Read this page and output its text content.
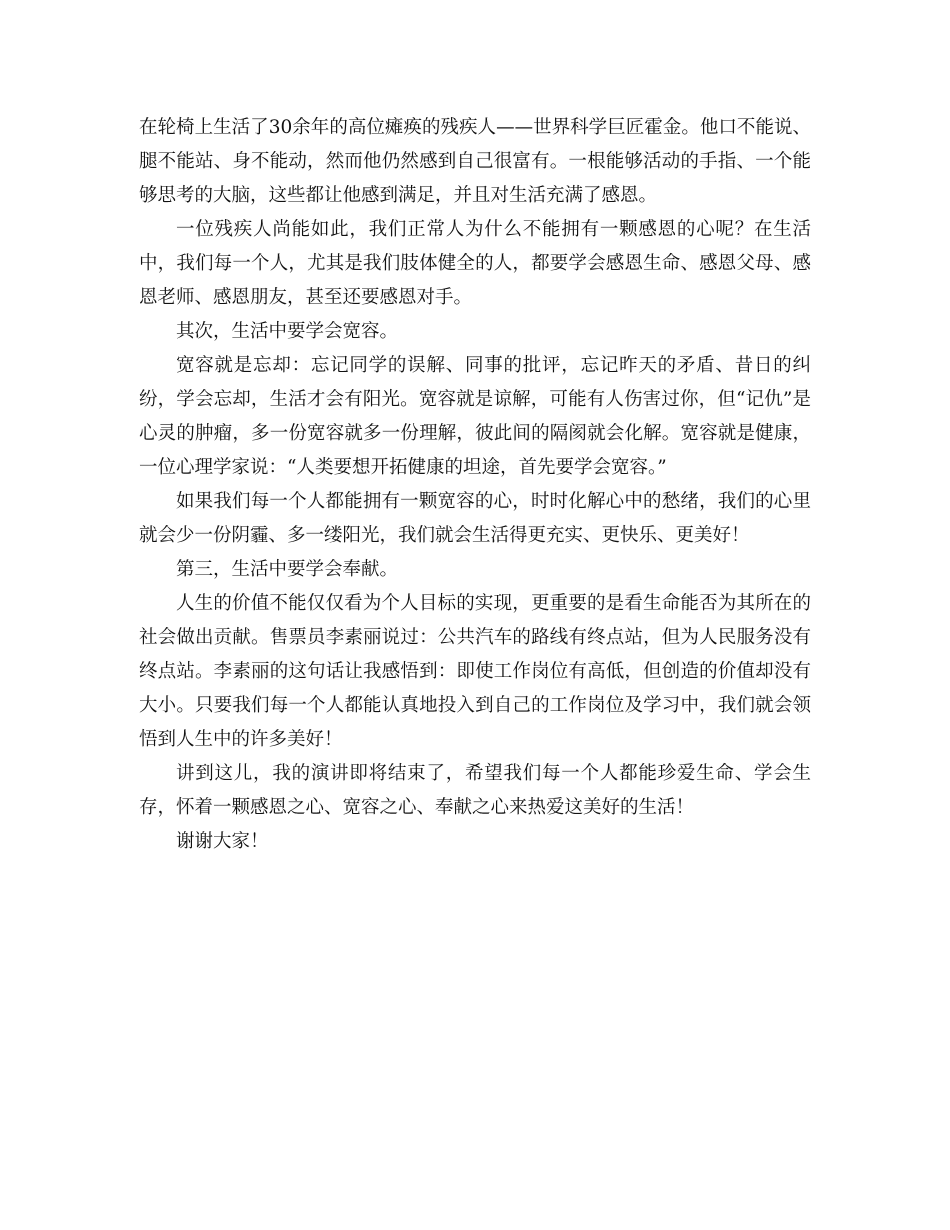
在轮椅上生活了30余年的高位瘫痪的残疾人——世界科学巨匠霍金。他口不能说、腿不能站、身不能动，然而他仍然感到自己很富有。一根能够活动的手指、一个能够思考的大脑，这些都让他感到满足，并且对生活充满了感恩。

一位残疾人尚能如此，我们正常人为什么不能拥有一颗感恩的心呢？在生活中，我们每一个人，尤其是我们肢体健全的人，都要学会感恩生命、感恩父母、感恩老师、感恩朋友，甚至还要感恩对手。

其次，生活中要学会宽容。

宽容就是忘却：忘记同学的误解、同事的批评，忘记昨天的矛盾、昔日的纠纷，学会忘却，生活才会有阳光。宽容就是谅解，可能有人伤害过你，但“记仇”是心灵的肿瘤，多一份宽容就多一份理解，彼此间的隔阂就会化解。宽容就是健康，一位心理学家说：“人类要想开拓健康的坦途，首先要学会宽容。”

如果我们每一个人都能拥有一颗宽容的心，时时化解心中的愁绪，我们的心里就会少一份阴霾、多一缕阳光，我们就会生活得更充实、更快乐、更美好！

第三，生活中要学会奉献。

人生的价值不能仅仅看为个人目标的实现，更重要的是看生命能否为其所在的社会做出贡献。售票员李素丽说过：公共汽车的路线有终点站，但为人民服务没有终点站。李素丽的这句话让我感悟到：即使工作岗位有高低，但创造的价值却没有大小。只要我们每一个人都能认真地投入到自己的工作岗位及学习中，我们就会领悟到人生中的许多美好！

讲到这儿，我的演讲即将结束了，希望我们每一个人都能珍爱生命、学会生存，怀着一颗感恩之心、宽容之心、奉献之心来热爱这美好的生活！

谢谢大家！
